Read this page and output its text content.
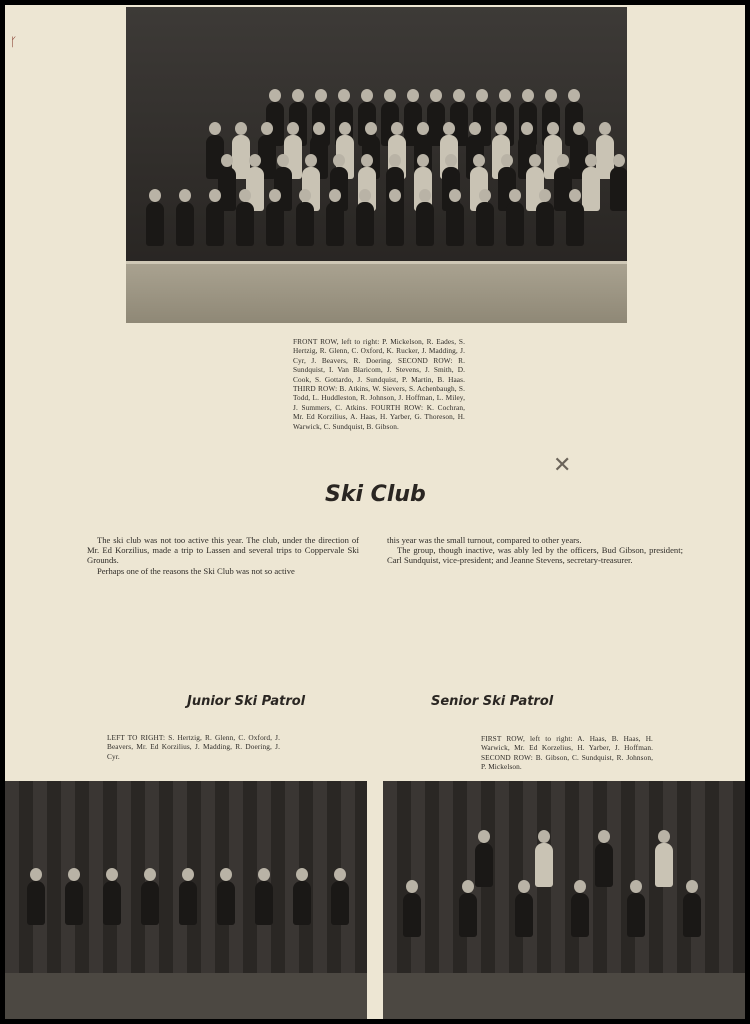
ᚴ
FRONT ROW, left to right: P. Mickelson, R. Eades, S. Hertzig, R. Glenn, C. Oxford, K. Rucker, J. Madding, J. Cyr, J. Beavers, R. Doering. SECOND ROW: R. Sundquist, I. Van Blaricom, J. Stevens, J. Smith, D. Cook, S. Gottardo, J. Sundquist, P. Martin, B. Haas. THIRD ROW: B. Atkins, W. Sievers, S. Achenbaugh, S. Todd, L. Huddleston, R. Johnson, J. Hoffman, L. Miley, J. Summers, C. Atkins. FOURTH ROW: K. Cochran, Mr. Ed Korzilius, A. Haas, H. Yarber, G. Thoreson, H. Warwick, C. Sundquist, B. Gibson.
✕
Ski Club

The ski club was not too active this year. The club, under the direction of Mr. Ed Korzilius, made a trip to Lassen and several trips to Coppervale Ski Grounds.

Perhaps one of the reasons the Ski Club was not so active

this year was the small turnout, compared to other years.

The group, though inactive, was ably led by the officers, Bud Gibson, president; Carl Sundquist, vice-president; and Jeanne Stevens, secretary-treasurer.

Junior Ski Patrol
LEFT TO RIGHT: S. Hertzig, R. Glenn, C. Oxford, J. Beavers, Mr. Ed Korzilius, J. Madding, R. Doering, J. Cyr.
Senior Ski Patrol
FIRST ROW, left to right: A. Haas, B. Haas, H. Warwick, Mr. Ed Korzelius, H. Yarber, J. Hoffman. SECOND ROW: B. Gibson, C. Sundquist, R. Johnson, P. Mickelson.
